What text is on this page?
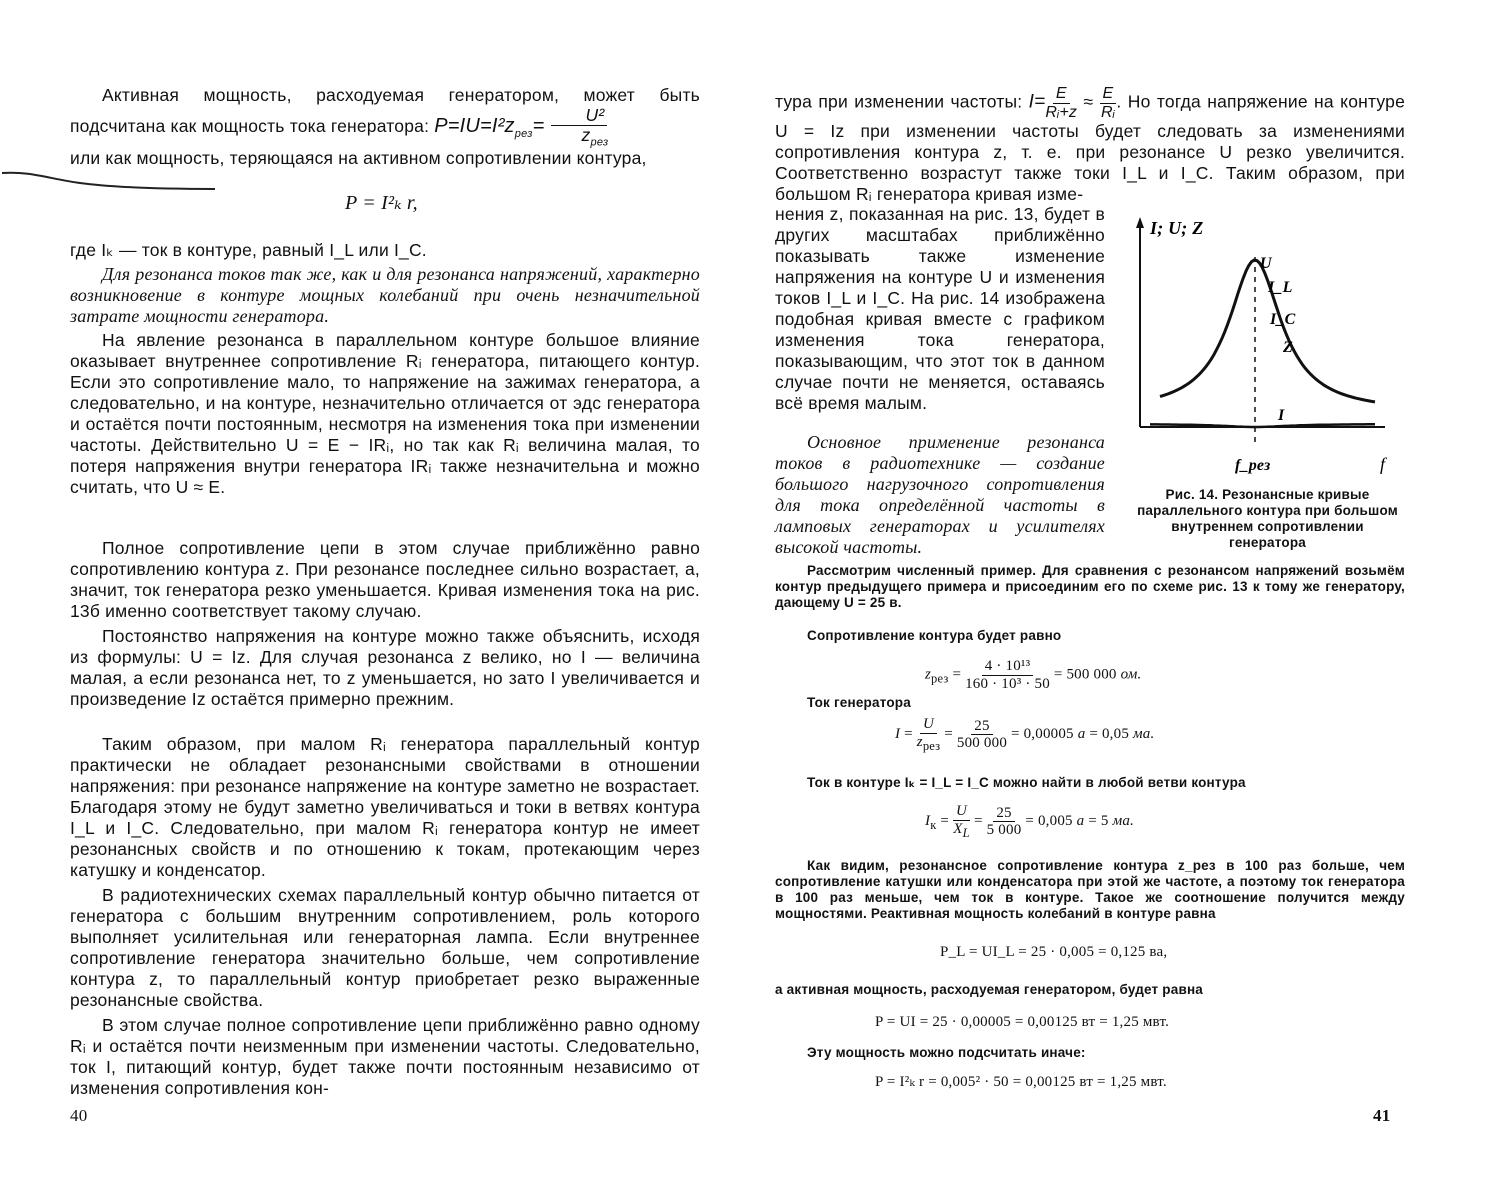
Активная мощность, расходуемая генератором, может быть подсчитана как мощность тока генератора: $P=IU=I^2z_{рез}= \frac{\text{U²}}{z_{рез}}$
или как мощность, теряющаяся на активном сопротивлении контура,
P = I²ₖ r,
где Iₖ — ток в контуре, равный I_L или I_C.
Для резонанса токов так же, как и для резонанса напряжений, характерно возникновение в контуре мощных колебаний при очень незначительной затрате мощности генератора.
На явление резонанса в параллельном контуре большое влияние оказывает внутреннее сопротивление Rᵢ генератора, питающего контур. Если это сопротивление мало, то напряжение на зажимах генератора, а следовательно, и на контуре, незначительно отличается от эдс генератора и остаётся почти постоянным, несмотря на изменения тока при изменении частоты. Действительно U = E − IRᵢ, но так как Rᵢ величина малая, то потеря напряжения внутри генератора IRᵢ также незначительна и можно считать, что U ≈ E.
Полное сопротивление цепи в этом случае приближённо равно сопротивлению контура z. При резонансе последнее сильно возрастает, а, значит, ток генератора резко уменьшается. Кривая изменения тока на рис. 13б именно соответствует такому случаю.
Постоянство напряжения на контуре можно также объяснить, исходя из формулы: U = Iz. Для случая резонанса z велико, но I — величина малая, а если резонанса нет, то z уменьшается, но зато I увеличивается и произведение Iz остаётся примерно прежним.
Таким образом, при малом Rᵢ генератора параллельный контур практически не обладает резонансными свойствами в отношении напряжения: при резонансе напряжение на контуре заметно не возрастает. Благодаря этому не будут заметно увеличиваться и токи в ветвях контура I_L и I_C. Следовательно, при малом Rᵢ генератора контур не имеет резонансных свойств и по отношению к токам, протекающим через катушку и конденсатор.
В радиотехнических схемах параллельный контур обычно питается от генератора с большим внутренним сопротивлением, роль которого выполняет усилительная или генераторная лампа. Если внутреннее сопротивление генератора значительно больше, чем сопротивление контура z, то параллельный контур приобретает резко выраженные резонансные свойства.
В этом случае полное сопротивление цепи приближённо равно одному Rᵢ и остаётся почти неизменным при изменении частоты. Следовательно, ток I, питающий контур, будет также почти постоянным независимо от изменения сопротивления кон-
40
тура при изменении частоты: $I= \frac{E}{\text{Rᵢ+z}} \approx \frac{E}{\text{Rᵢ}}$ . Но тогда напряжение на контуре U = Iz при изменении частоты будет следовать за изменениями сопротивления контура z, т. е. при резонансе U резко увеличится. Соответственно возрастут также токи I_L и I_C. Таким образом, при большом Rᵢ генератора кривая изме-
нения z, показанная на рис. 13, будет в других масштабах приближённо показывать также изменение напряжения на контуре U и изменения токов I_L и I_C. На рис. 14 изображена подобная кривая вместе с графиком изменения тока генератора, показывающим, что этот ток в данном случае почти не меняется, оставаясь всё время малым.
Основное применение резонанса токов в радиотехнике — создание большого нагрузочного сопротивления для тока определённой частоты в ламповых генераторах и усилителях высокой частоты.
I; U; Z
f
f_рез
U
I_L
I_C
Z
I
Рис. 14. Резонансные кривые параллельного контура при большом внутреннем сопротивлении генератора
Рассмотрим численный пример. Для сравнения с резонансом напряжений возьмём контур предыдущего примера и присоединим его по схеме рис. 13 к тому же генератору, дающему U = 25 в.
Сопротивление контура будет равно
$z_{рез} = \frac{\text{4 · 10¹³}}{\text{160 · 10³ · 50}} = 500$ 000 ом.
Ток генератора
$I = \frac{U}{z_{рез}} = \frac{25}{500 000} = 0,00005$ а = 0,05 ма.
Ток в контуре Iₖ = I_L = I_C можно найти в любой ветви контура
$I_к = \frac{U}{X_L} = \frac{25}{5 000} = 0,005$ а = 5 ма.
Как видим, резонансное сопротивление контура z_рез в 100 раз больше, чем сопротивление катушки или конденсатора при этой же частоте, а поэтому ток генератора в 100 раз меньше, чем ток в контуре. Такое же соотношение получится между мощностями. Реактивная мощность колебаний в контуре равна
P_L = UI_L = 25 · 0,005 = 0,125 ва,
а активная мощность, расходуемая генератором, будет равна
P = UI = 25 · 0,00005 = 0,00125 вт = 1,25 мвт.
Эту мощность можно подсчитать иначе:
P = I²ₖ r = 0,005² · 50 = 0,00125 вт = 1,25 мвт.
41
